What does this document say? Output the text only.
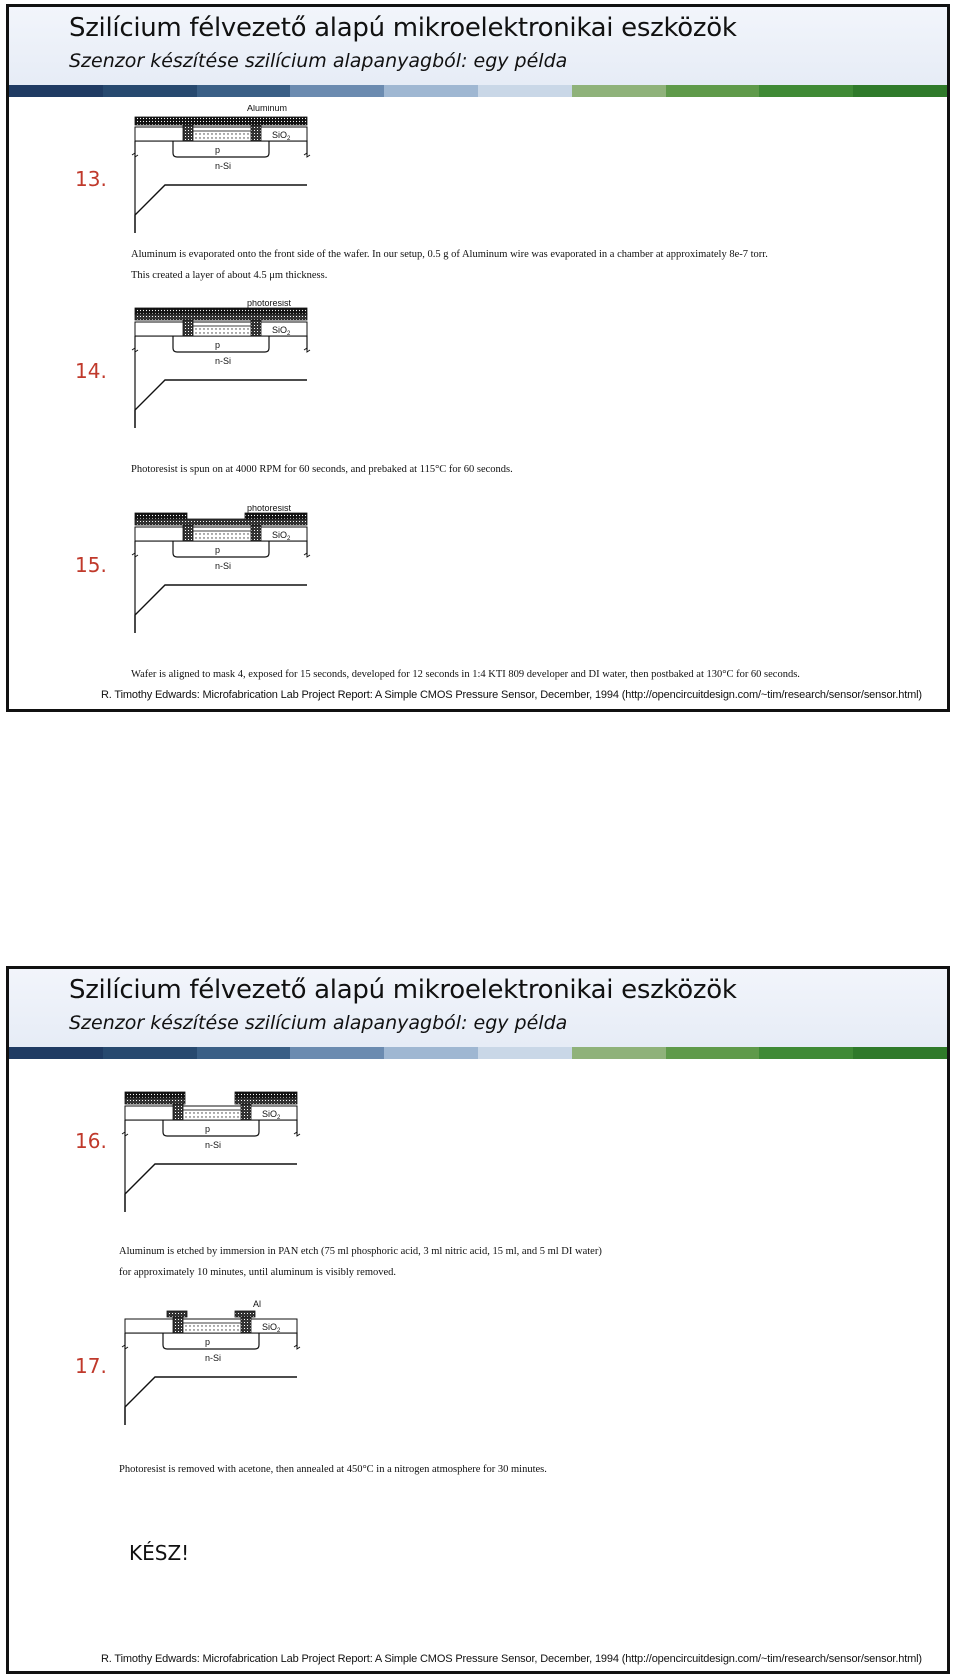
Szilícium félvezető alapú mikroelektronikai eszközök
Szenzor készítése szilícium alapanyagból: egy példa
13.
Aluminum
SiO$_2$
p
n-Si
Aluminum is evaporated onto the front side of the wafer. In our setup, 0.5 g of Aluminum wire was evaporated in a chamber at approximately 8e-7 torr.
This created a layer of about 4.5 μm thickness.
14.
photoresist
SiO$_2$
p
n-Si
Photoresist is spun on at 4000 RPM for 60 seconds, and prebaked at 115°C for 60 seconds.
15.
photoresist
SiO$_2$
p
n-Si
Wafer is aligned to mask 4, exposed for 15 seconds, developed for 12 seconds in 1:4 KTI 809 developer and DI water, then postbaked at 130°C for 60 seconds.
R. Timothy Edwards: Microfabrication Lab Project Report: A Simple CMOS Pressure Sensor, December, 1994 (http://opencircuitdesign.com/~tim/research/sensor/sensor.html)
Szilícium félvezető alapú mikroelektronikai eszközök
Szenzor készítése szilícium alapanyagból: egy példa
16.
SiO$_2$
p
n-Si
Aluminum is etched by immersion in PAN etch (75 ml phosphoric acid, 3 ml nitric acid, 15 ml, and 5 ml DI water)
for approximately 10 minutes, until aluminum is visibly removed.
17.
Al
SiO$_2$
p
n-Si
Photoresist is removed with acetone, then annealed at 450°C in a nitrogen atmosphere for 30 minutes.
KÉSZ!
R. Timothy Edwards: Microfabrication Lab Project Report: A Simple CMOS Pressure Sensor, December, 1994 (http://opencircuitdesign.com/~tim/research/sensor/sensor.html)
